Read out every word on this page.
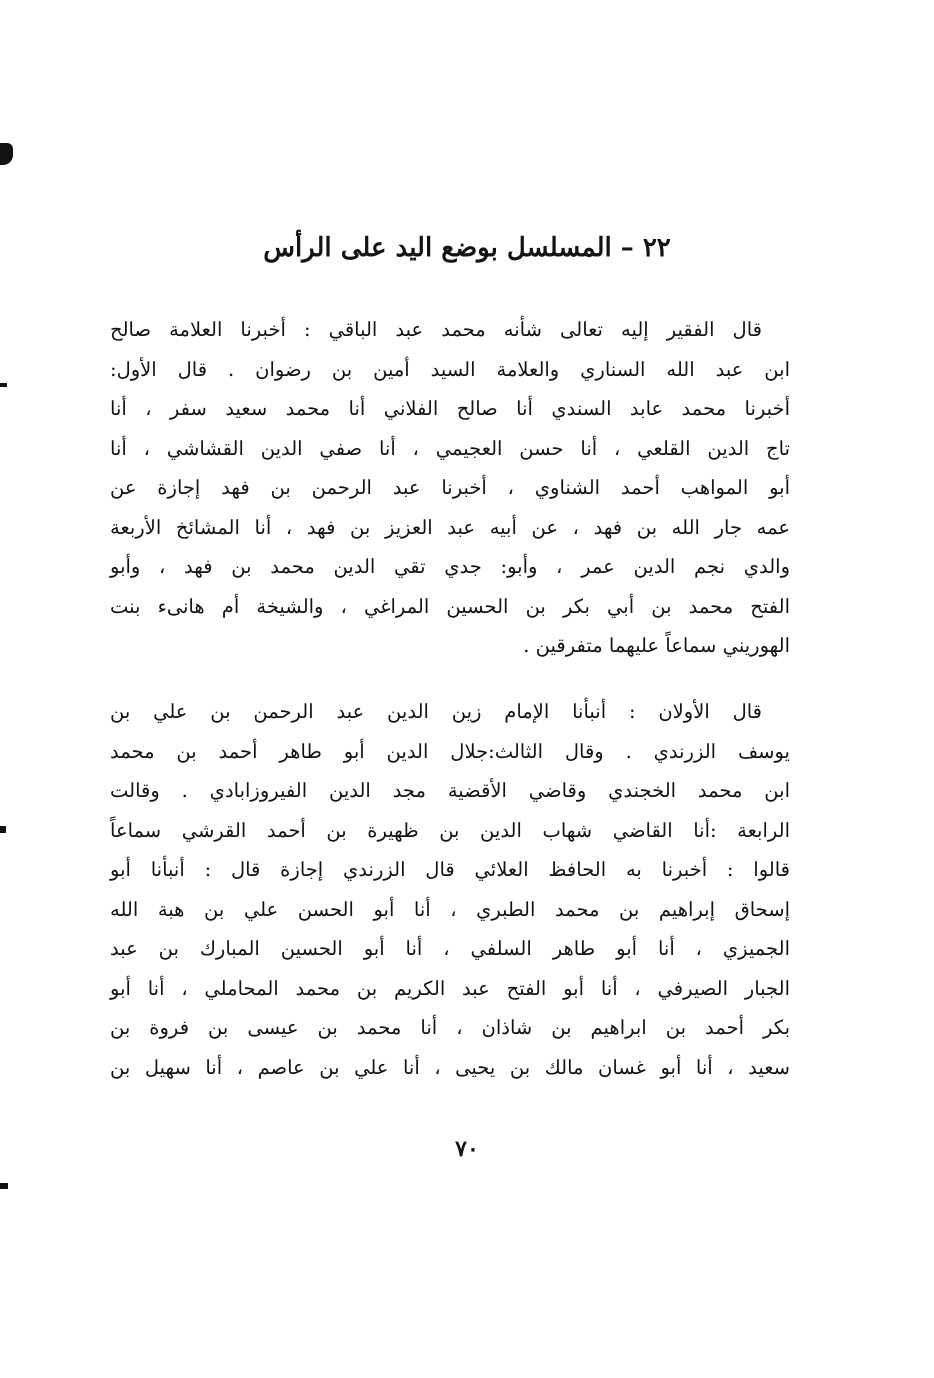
٢٢ – المسلسل بوضع اليد على الرأس
قال الفقير إليه تعالى شأنه محمد عبد الباقي : أخبرنا العلامة صالح
ابن عبد الله السناري والعلامة السيد أمين بن رضوان . قال الأول:
أخبرنا محمد عابد السندي أنا صالح الفلاني أنا محمد سعيد سفر ، أنا
تاج الدين القلعي ، أنا حسن العجيمي ، أنا صفي الدين القشاشي ، أنا
أبو المواهب أحمد الشناوي ، أخبرنا عبد الرحمن بن فهد إجازة عن
عمه جار الله بن فهد ، عن أبيه عبد العزيز بن فهد ، أنا المشائخ الأربعة
والدي نجم الدين عمر ، وأبو: جدي تقي الدين محمد بن فهد ، وأبو
الفتح محمد بن أبي بكر بن الحسين المراغي ، والشيخة أم هانىء بنت
الهوريني سماعاً عليهما متفرقين .
قال الأولان : أنبأنا الإمام زين الدين عبد الرحمن بن علي بن
يوسف الزرندي . وقال الثالث:جلال الدين أبو طاهر أحمد بن محمد
ابن محمد الخجندي وقاضي الأقضية مجد الدين الفيروزابادي . وقالت
الرابعة :أنا القاضي شهاب الدين بن ظهيرة بن أحمد القرشي سماعاً
قالوا : أخبرنا به الحافظ العلائي قال الزرندي إجازة قال : أنبأنا أبو
إسحاق إبراهيم بن محمد الطبري ، أنا أبو الحسن علي بن هبة الله
الجميزي ، أنا أبو طاهر السلفي ، أنا أبو الحسين المبارك بن عبد
الجبار الصيرفي ، أنا أبو الفتح عبد الكريم بن محمد المحاملي ، أنا أبو
بكر أحمد بن ابراهيم بن شاذان ، أنا محمد بن عيسى بن فروة بن
سعيد ، أنا أبو غسان مالك بن يحيى ، أنا علي بن عاصم ، أنا سهيل بن

٧٠
